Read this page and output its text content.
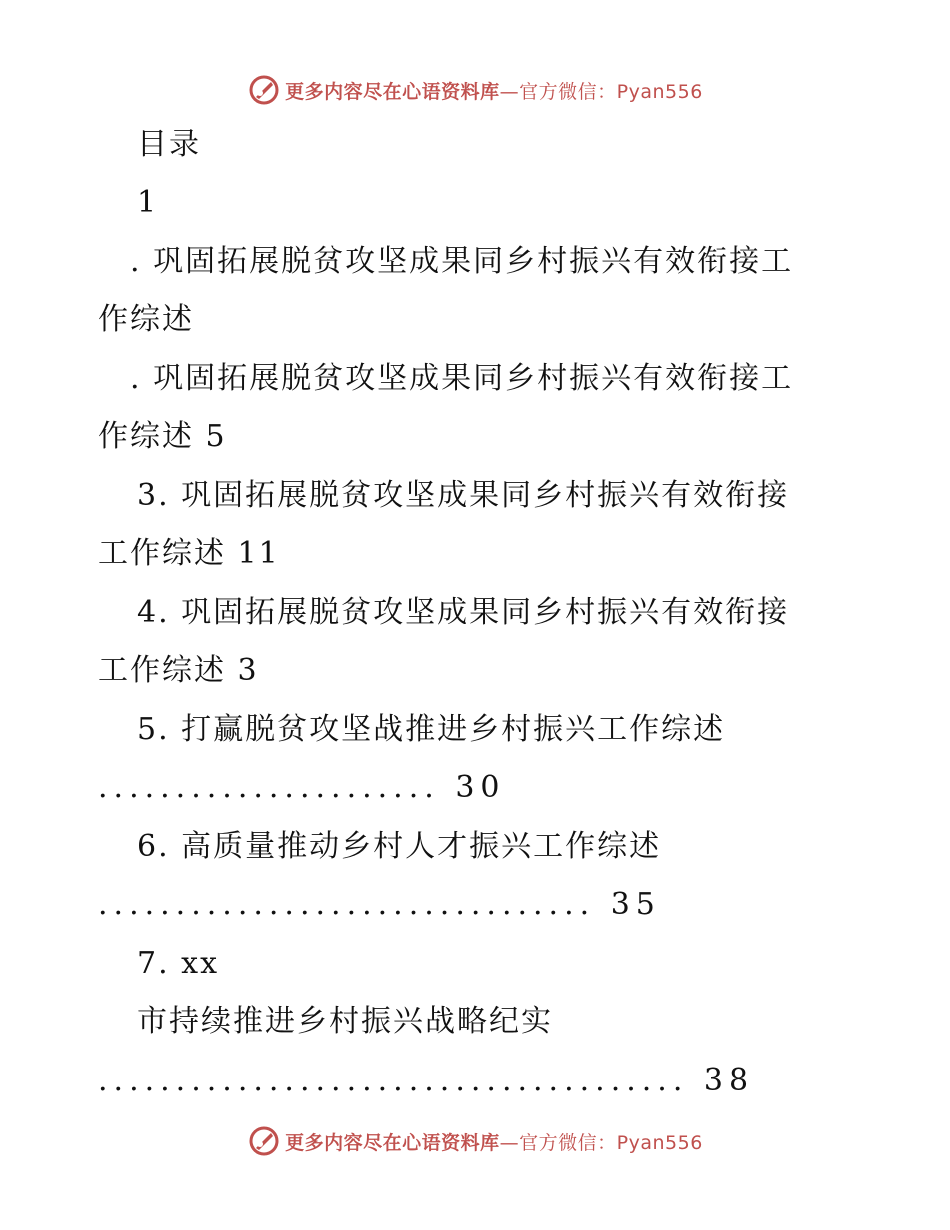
更多内容尽在心语资料库 —官方微信：Pyan556
目录
1
. 巩固拓展脱贫攻坚成果同乡村振兴有效衔接工
作综述
. 巩固拓展脱贫攻坚成果同乡村振兴有效衔接工
作综述 5
3. 巩固拓展脱贫攻坚成果同乡村振兴有效衔接
工作综述 11
4. 巩固拓展脱贫攻坚成果同乡村振兴有效衔接
工作综述 3
5. 打赢脱贫攻坚战推进乡村振兴工作综述
...................... 30
6. 高质量推动乡村人才振兴工作综述
................................ 35
7. xx
市持续推进乡村振兴战略纪实
...................................... 38
更多内容尽在心语资料库 —官方微信：Pyan556
